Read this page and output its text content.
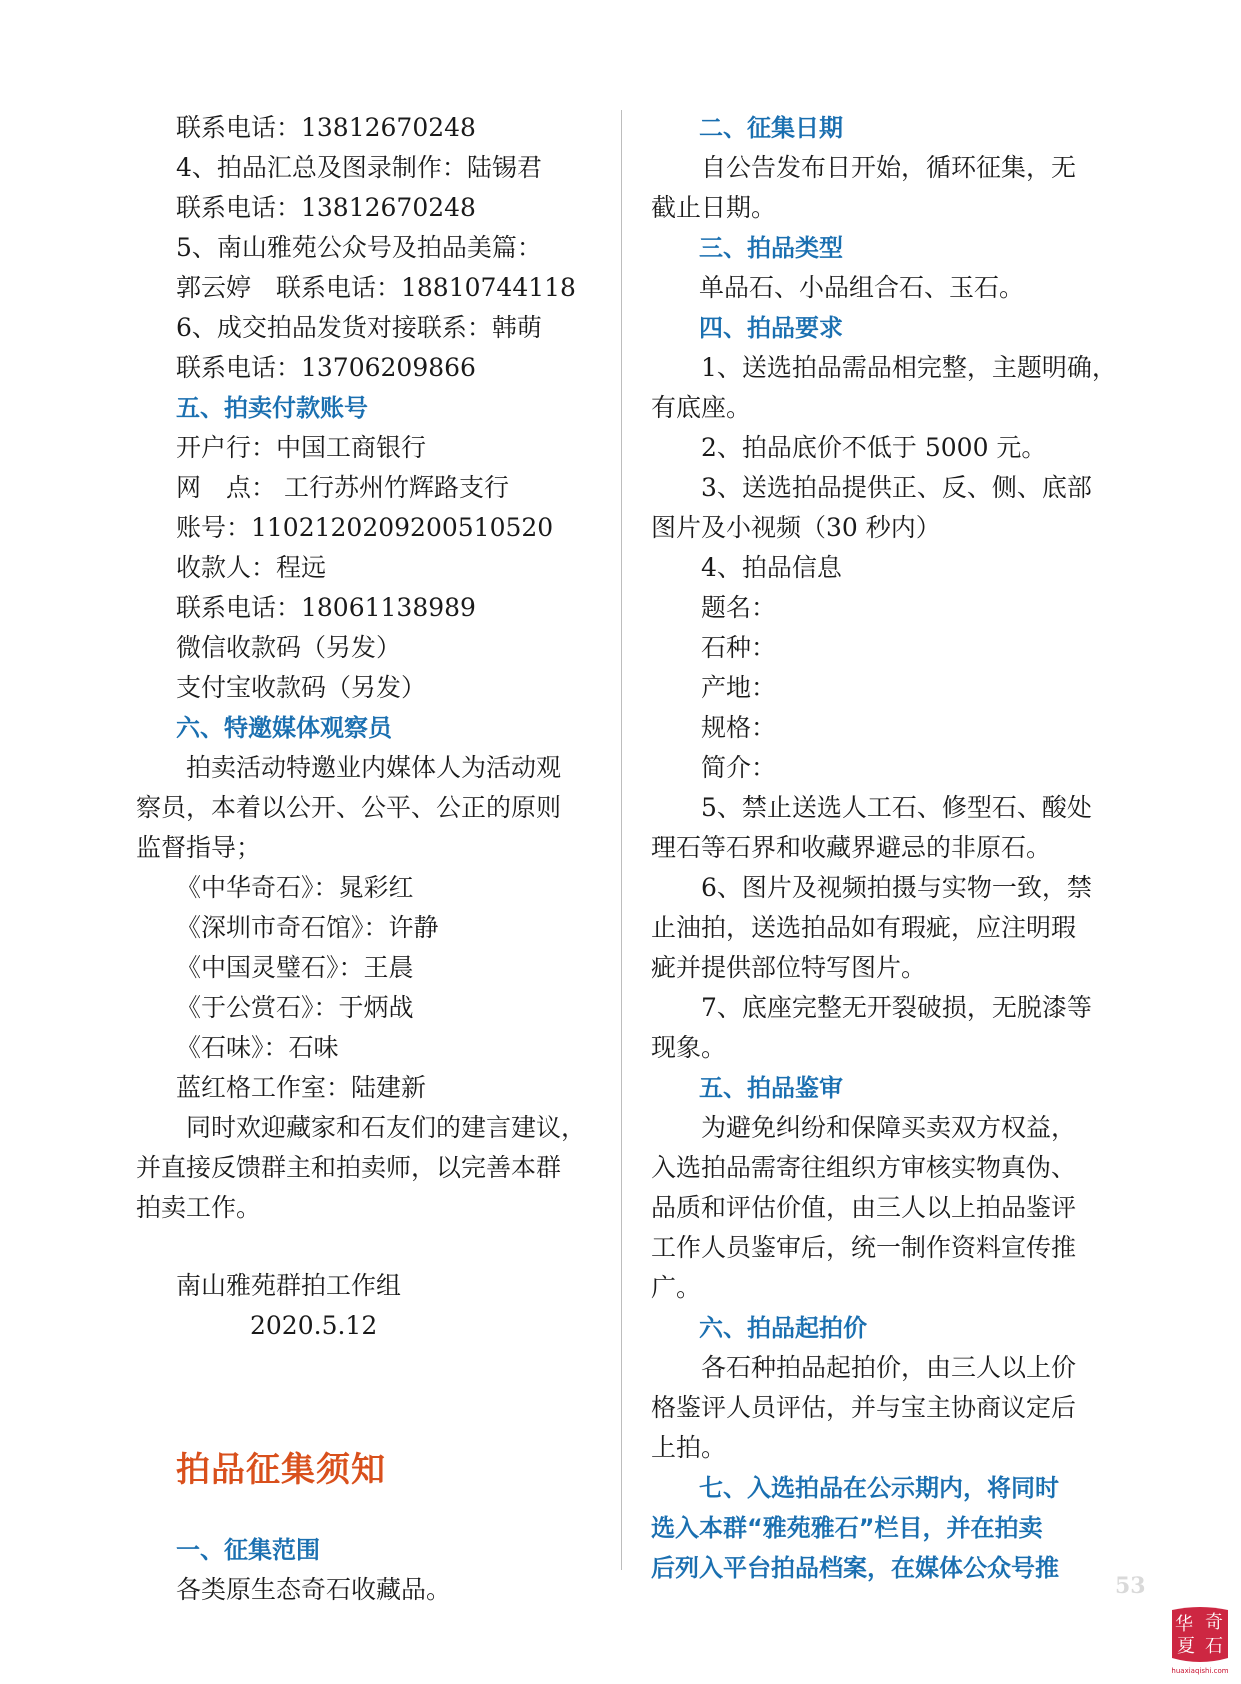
联系电话：13812670248
4、拍品汇总及图录制作：陆锡君
联系电话：13812670248
5、南山雅苑公众号及拍品美篇：
郭云婷　联系电话：18810744118
6、成交拍品发货对接联系：韩萌
联系电话：13706209866
五、拍卖付款账号
开户行：中国工商银行
网　点： 工行苏州竹辉路支行
账号：1102120209200510520
收款人：程远
联系电话：18061138989
微信收款码（另发）
支付宝收款码（另发）
六、特邀媒体观察员
　　拍卖活动特邀业内媒体人为活动观
察员，本着以公开、公平、公正的原则
监督指导；
《中华奇石》：晁彩红
《深圳市奇石馆》：许静
《中国灵璧石》：王晨
《于公赏石》：于炳战
《石味》：石味
蓝红格工作室：陆建新
　　同时欢迎藏家和石友们的建言建议，
并直接反馈群主和拍卖师，以完善本群
拍卖工作。
南山雅苑群拍工作组
2020.5.12
拍品征集须知
一、征集范围
各类原生态奇石收藏品。
二、征集日期
　　自公告发布日开始，循环征集，无
截止日期。
三、拍品类型
单品石、小品组合石、玉石。
四、拍品要求
　　1、送选拍品需品相完整，主题明确，
有底座。
　　2、拍品底价不低于 5000 元。
　　3、送选拍品提供正、反、侧、底部
图片及小视频（30 秒内）
　　4、拍品信息
　　题名：
　　石种：
　　产地：
　　规格：
　　简介：
　　5、禁止送选人工石、修型石、酸处
理石等石界和收藏界避忌的非原石。
　　6、图片及视频拍摄与实物一致，禁
止油拍，送选拍品如有瑕疵，应注明瑕
疵并提供部位特写图片。
　　7、底座完整无开裂破损，无脱漆等
现象。
五、拍品鉴审
　　为避免纠纷和保障买卖双方权益，
入选拍品需寄往组织方审核实物真伪、
品质和评估价值，由三人以上拍品鉴评
工作人员鉴审后，统一制作资料宣传推
广。
六、拍品起拍价
　　各石种拍品起拍价，由三人以上价
格鉴评人员评估，并与宝主协商议定后
上拍。
　　七、入选拍品在公示期内，将同时
选入本群“雅苑雅石”栏目，并在拍卖
后列入平台拍品档案，在媒体公众号推
53
华 奇
夏 石
huaxiaqishi.com
